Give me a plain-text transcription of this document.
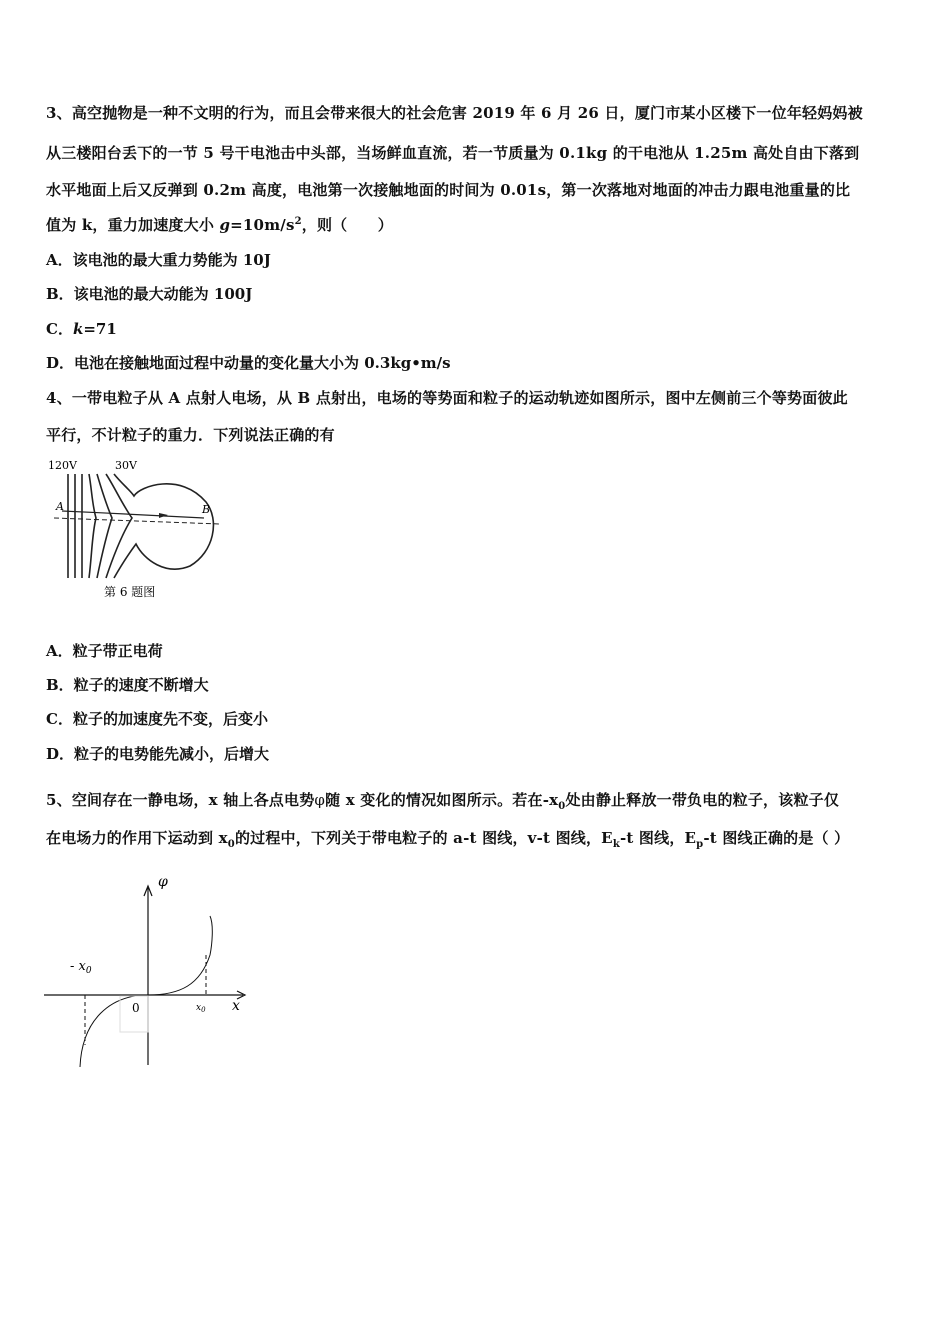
3、高空抛物是一种不文明的行为，而且会带来很大的社会危害 2019 年 6 月 26 日，厦门市某小区楼下一位年轻妈妈被
从三楼阳台丢下的一节 5 号干电池击中头部，当场鲜血直流，若一节质量为 0.1kg 的干电池从 1.25m 高处自由下落到
水平地面上后又反弹到 0.2m 高度，电池第一次接触地面的时间为 0.01s，第一次落地对地面的冲击力跟电池重量的比
值为 k，重力加速度大小 $g=10m/s^2$，则（　　）
A．该电池的最大重力势能为 10J
B．该电池的最大动能为 100J
C．k=71
D．电池在接触地面过程中动量的变化量大小为 0.3kg•m/s
4、一带电粒子从 A 点射人电场，从 B 点射出，电场的等势面和粒子的运动轨迹如图所示，图中左侧前三个等势面彼此
平行，不计粒子的重力．下列说法正确的有
120V	30V
A	B
第 6 题图
A．粒子带正电荷
B．粒子的速度不断增大
C．粒子的加速度先不变，后变小
D．粒子的电势能先减小，后增大
5、空间存在一静电场，x 轴上各点电势φ随 x 变化的情况如图所示。若在$-x_0$处由静止释放一带负电的粒子，该粒子仅
在电场力的作用下运动到 $x_0$的过程中，下列关于带电粒子的 a-t 图线，v-t 图线，$E_k-t$ 图线，$E_p-t$ 图线正确的是（ ）
φ
x
- $x_0$
0	$x_0$
